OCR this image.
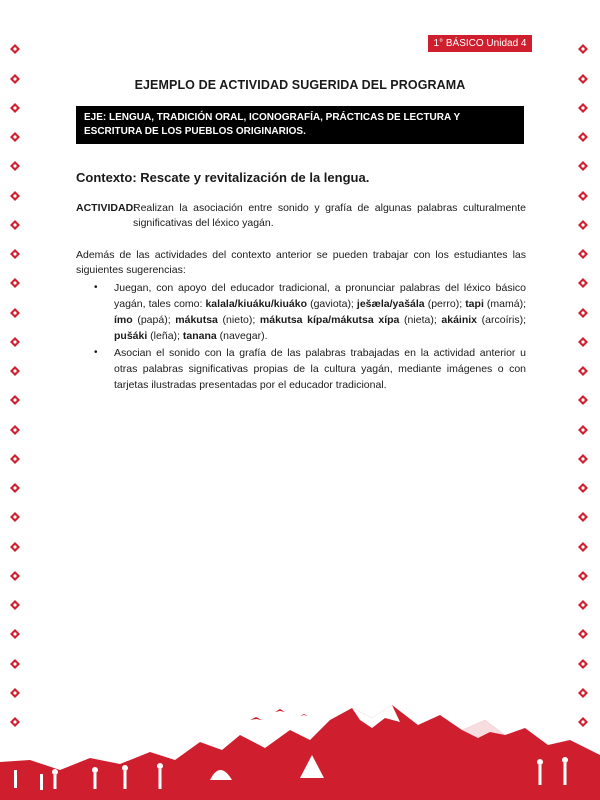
1° BÁSICO Unidad 4
EJEMPLO DE ACTIVIDAD SUGERIDA DEL PROGRAMA
EJE: LENGUA, TRADICIÓN ORAL, ICONOGRAFÍA, PRÁCTICAS DE LECTURA Y ESCRITURA DE LOS PUEBLOS ORIGINARIOS.
Contexto: Rescate y revitalización de la lengua.
ACTIVIDAD:
Realizan la asociación entre sonido y grafía de algunas palabras culturalmente significativas del léxico yagán.
Además de las actividades del contexto anterior se pueden trabajar con los estudiantes las siguientes sugerencias:
• Juegan, con apoyo del educador tradicional, a pronunciar palabras del léxico básico yagán, tales como: kalala/kiuáku/kiuáko (gaviota); ješæla/yašála (perro); tapi (mamá); ímo (papá); mákutsa (nieto); mákutsa kípa/mákutsa xípa (nieta); akáinix (arcoíris); pušáki (leña); tanana (navegar).
• Asocian el sonido con la grafía de las palabras trabajadas en la actividad anterior u otras palabras significativas propias de la cultura yagán, mediante imágenes o con tarjetas ilustradas presentadas por el educador tradicional.
